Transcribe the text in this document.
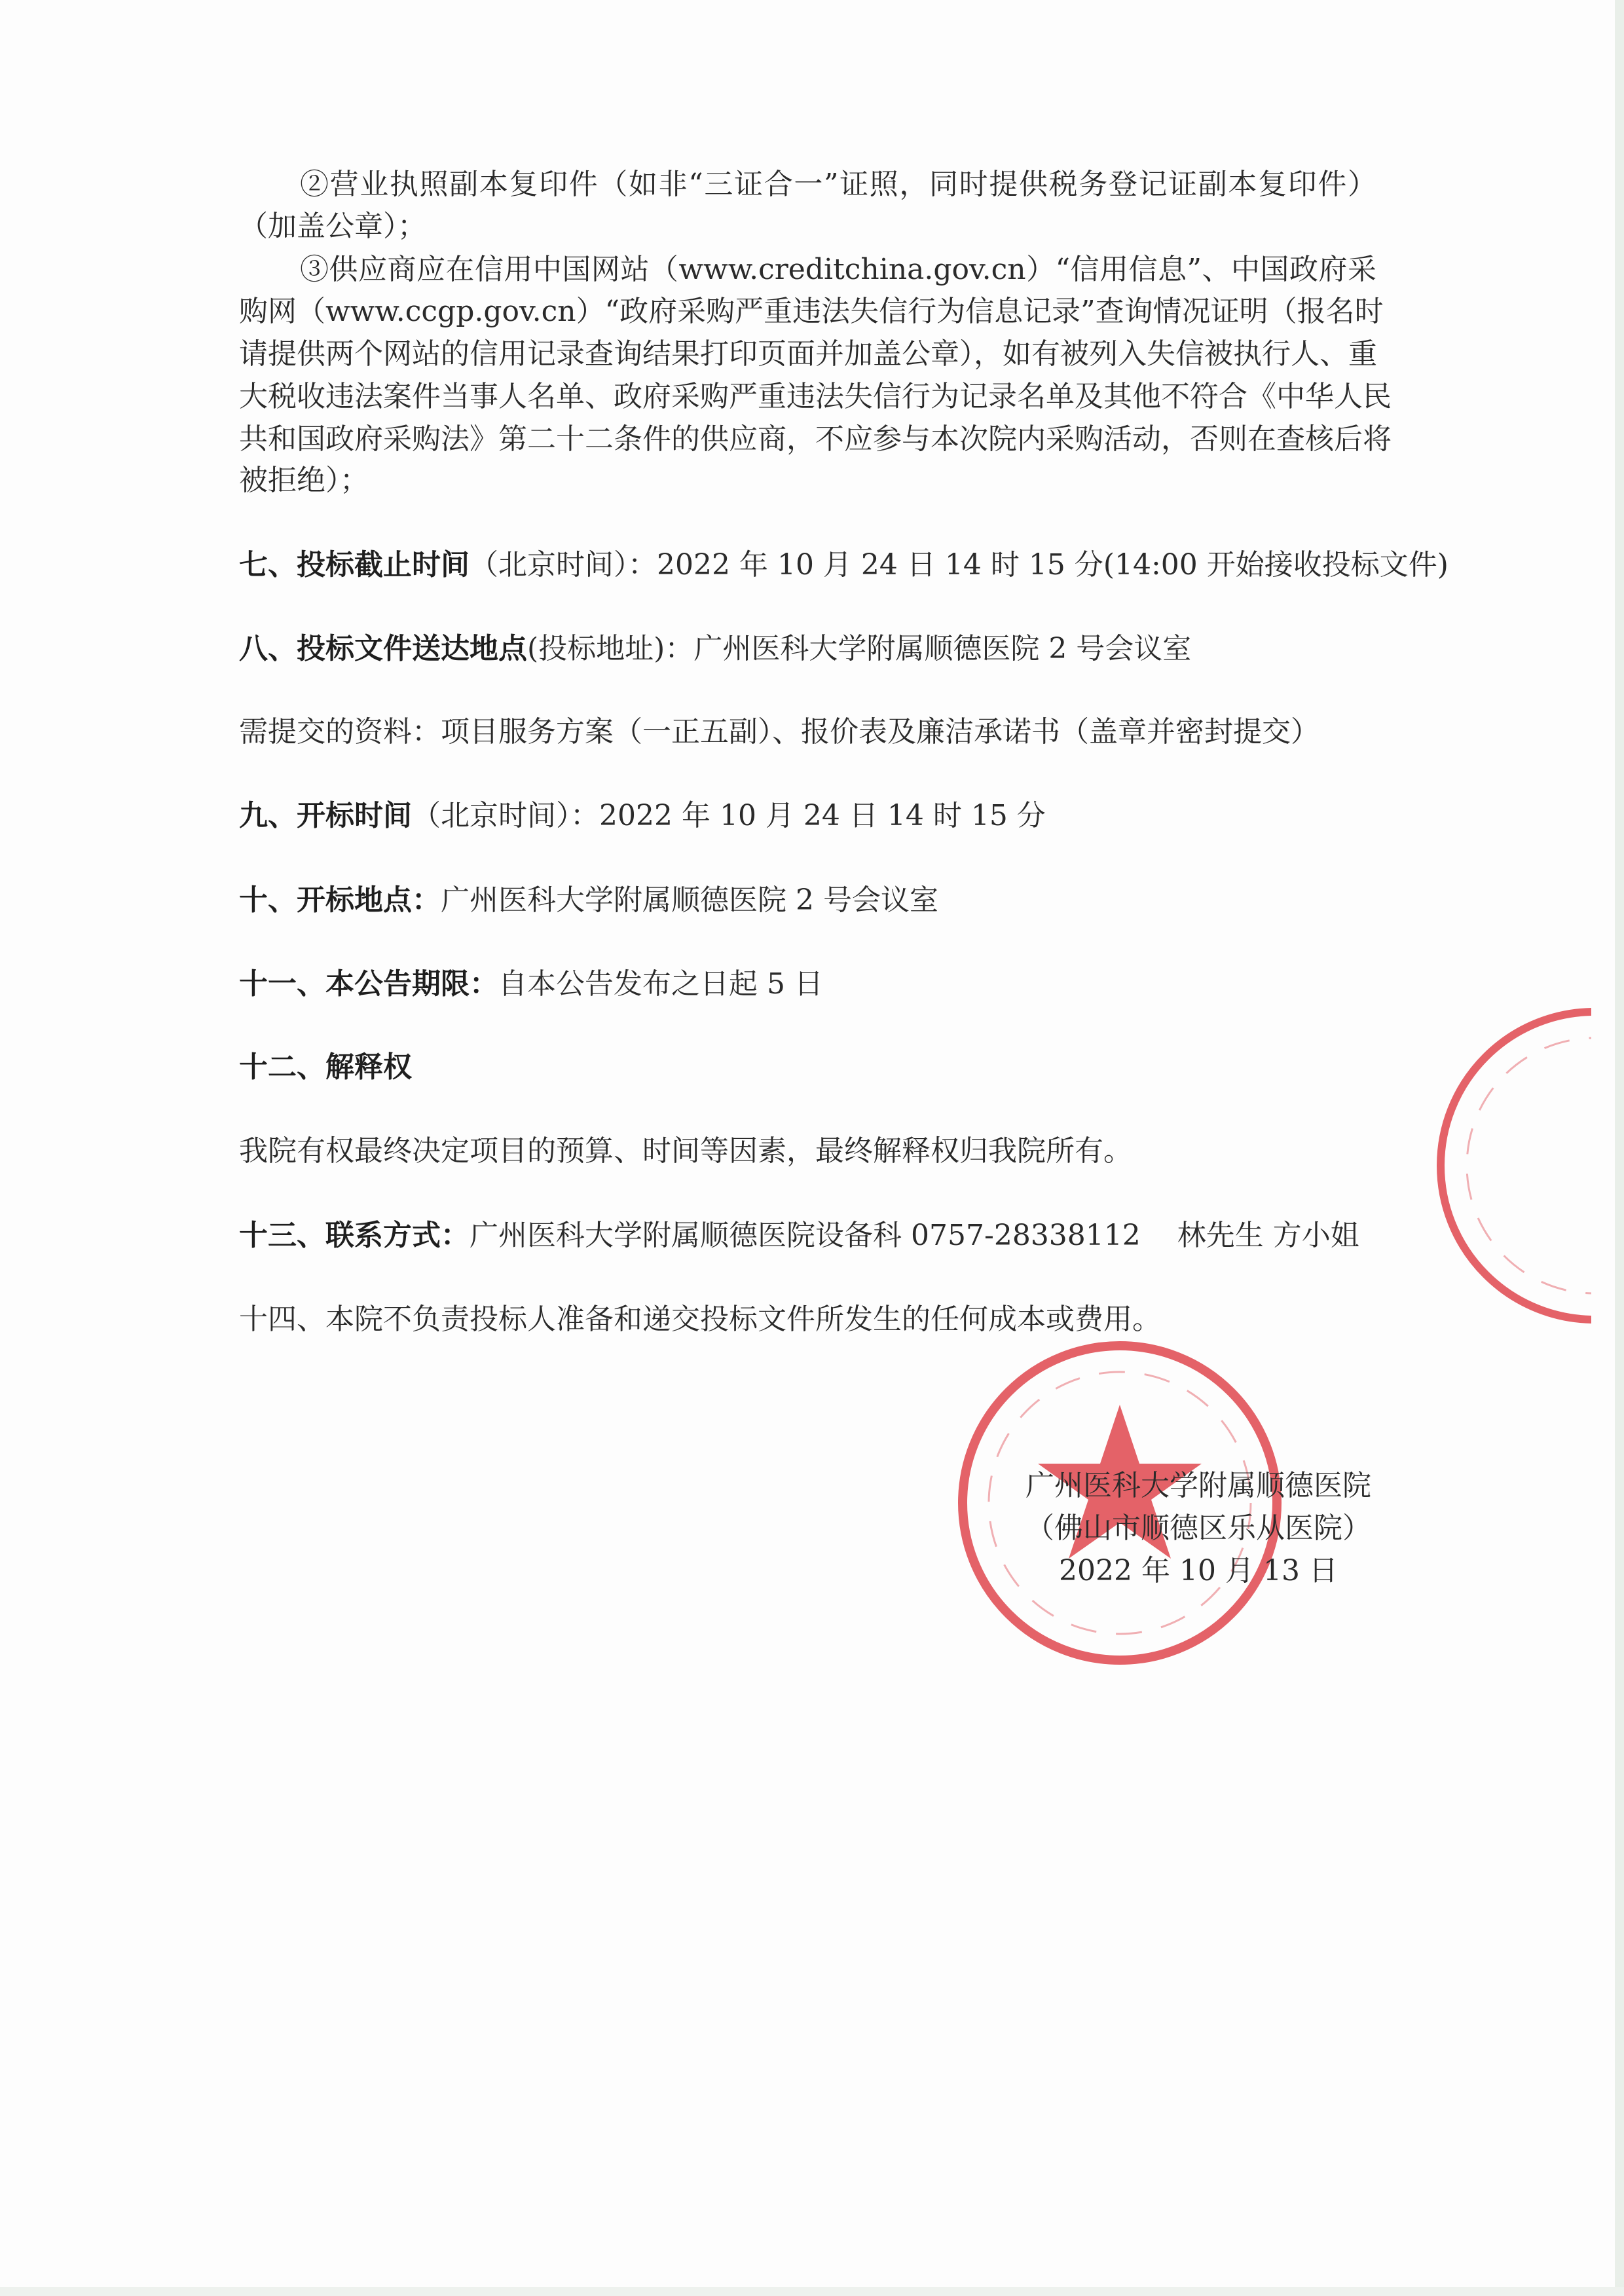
②营业执照副本复印件（如非“三证合一”证照，同时提供税务登记证副本复印件）
（加盖公章）；
③供应商应在信用中国网站（www.creditchina.gov.cn）“信用信息”、中国政府采
购网（www.ccgp.gov.cn）“政府采购严重违法失信行为信息记录”查询情况证明（报名时
请提供两个网站的信用记录查询结果打印页面并加盖公章），如有被列入失信被执行人、重
大税收违法案件当事人名单、政府采购严重违法失信行为记录名单及其他不符合《中华人民
共和国政府采购法》第二十二条件的供应商，不应参与本次院内采购活动，否则在查核后将
被拒绝）；
七、投标截止时间（北京时间）：2022 年 10 月 24 日 14 时 15 分(14:00 开始接收投标文件)
八、投标文件送达地点(投标地址)：广州医科大学附属顺德医院 2 号会议室
需提交的资料：项目服务方案（一正五副）、报价表及廉洁承诺书（盖章并密封提交）
九、开标时间（北京时间）：2022 年 10 月 24 日 14 时 15 分
十、开标地点：广州医科大学附属顺德医院 2 号会议室
十一、本公告期限：自本公告发布之日起 5 日
十二、解释权
我院有权最终决定项目的预算、时间等因素，最终解释权归我院所有。
十三、联系方式：广州医科大学附属顺德医院设备科 0757-28338112    林先生 方小姐
十四、本院不负责投标人准备和递交投标文件所发生的任何成本或费用。
广州医科大学附属顺德医院
（佛山市顺德区乐从医院）
2022 年 10 月 13 日
